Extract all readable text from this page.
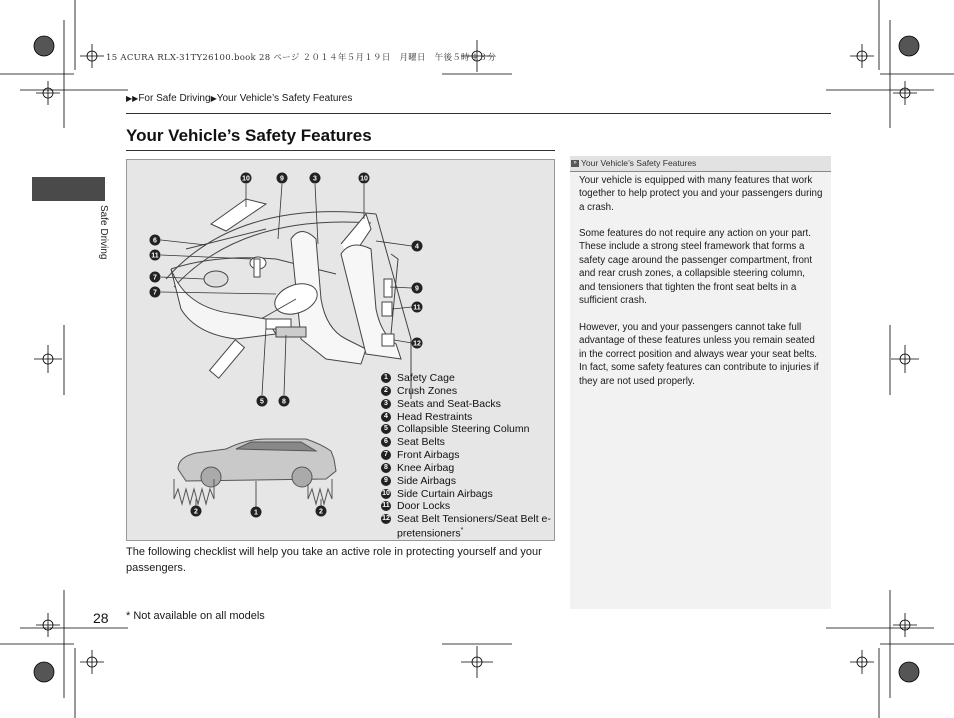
15 ACURA RLX-31TY26100.book 28 ページ ２０１４年５月１９日　月曜日　午後５時４３分
▶▶For Safe Driving▶Your Vehicle’s Safety Features
Safe Driving
Your Vehicle’s Safety Features
10	9	3	10
6
11
4
7
7
9
11
12
5	8
2	1	2
1 Safety Cage
2 Crush Zones
3 Seats and Seat-Backs
4 Head Restraints
5 Collapsible Steering Column
6 Seat Belts
7 Front Airbags
8 Knee Airbag
9 Side Airbags
10 Side Curtain Airbags
11 Door Locks
12 Seat Belt Tensioners/Seat Belt e-pretensioners*
The following checklist will help you take an active role in protecting yourself and your passengers.
28 * Not available on all models
» Your Vehicle’s Safety Features
Your vehicle is equipped with many features that work together to help protect you and your passengers during a crash.
Some features do not require any action on your part. These include a strong steel framework that forms a safety cage around the passenger compartment, front and rear crush zones, a collapsible steering column, and tensioners that tighten the front seat belts in a sufficient crash.
However, you and your passengers cannot take full advantage of these features unless you remain seated in the correct position and always wear your seat belts. In fact, some safety features can contribute to injuries if they are not used properly.
